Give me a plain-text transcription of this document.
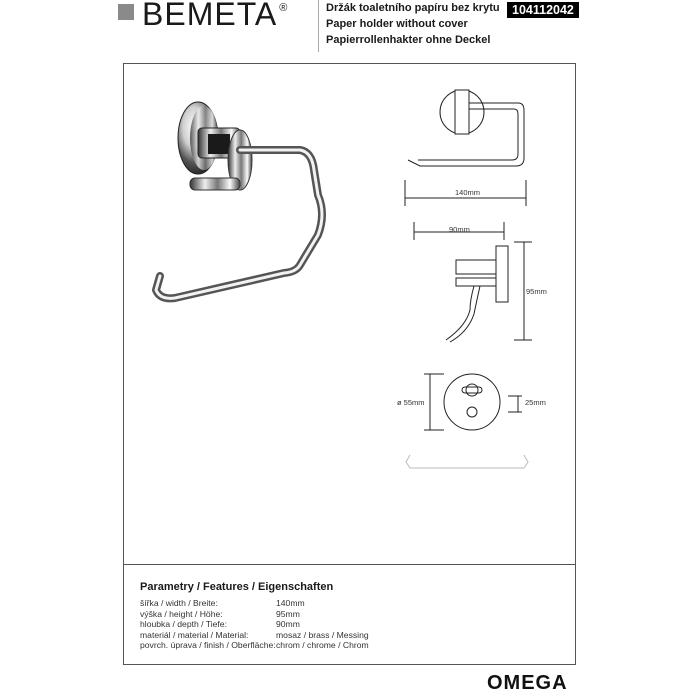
BEMETA ®	Držák toaletního papíru bez krytu
Paper holder without cover
Papierrollenhakter ohne Deckel
104112042
140mm
90mm
95mm
ø 55mm	25mm
Parametry / Features / Eigenschaften
šířka / width / Breite:	140mm
výška / height / Höhe:	95mm
hloubka / depth / Tiefe:	90mm
materiál / material / Material:	mosaz / brass / Messing
povrch. úprava / finish / Oberfläche: chrom / chrome / Chrom
OMEGA
